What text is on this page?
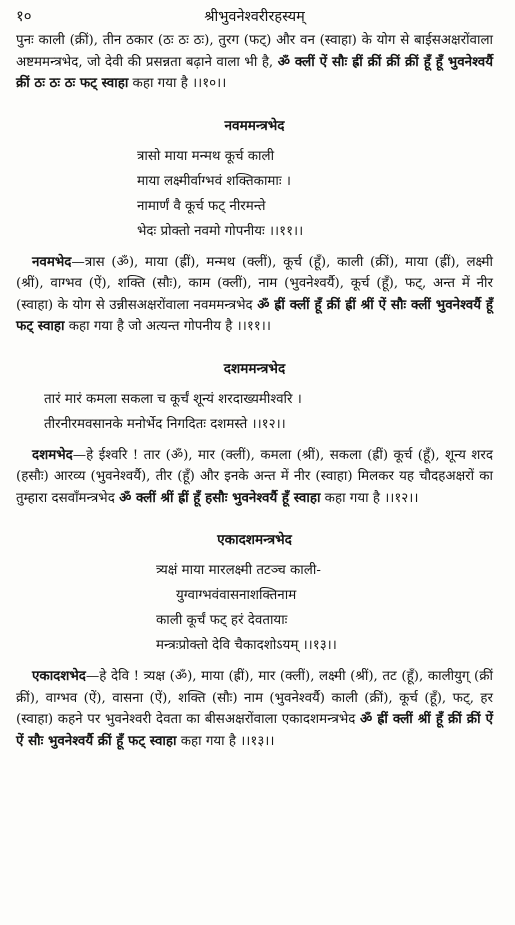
१०	श्रीभुवनेश्वरीरहस्यम्

पुनः काली (क्रीं), तीन ठकार (ठः ठः ठः), तुरग (फट्) और वन (स्वाहा) के योग से बाईसअक्षरोंवाला अष्टममन्त्रभेद, जो देवी की प्रसन्नता बढ़ाने वाला भी है, ॐ क्लीं ऐं सौः ह्रीं क्रीं क्रीं क्रीं हूँ हूँ भुवनेश्वर्यै क्रीं ठः ठः ठः फट् स्वाहा कहा गया है ।।१०।।

नवममन्त्रभेद
त्रासो माया मन्मथ कूर्च काली
माया लक्ष्मीर्वाग्भवं शक्तिकामाः ।
नामार्णं वै कूर्च फट् नीरमन्ते
भेदः प्रोक्तो नवमो गोपनीयः ।।११।।

नवमभेद—त्रास (ॐ), माया (ह्रीं), मन्मथ (क्लीं), कूर्च (हूँ), काली (क्रीं), माया (ह्रीं), लक्ष्मी (श्रीं), वाग्भव (ऐं), शक्ति (सौः), काम (क्लीं), नाम (भुवनेश्वर्यै), कूर्च (हूँ), फट्, अन्त में नीर (स्वाहा) के योग से उन्नीसअक्षरोंवाला नवममन्त्रभेद ॐ ह्रीं क्लीं हूँ क्रीं ह्रीं श्रीं ऐं सौः क्लीं भुवनेश्वर्यै हूँ फट् स्वाहा कहा गया है जो अत्यन्त गोपनीय है ।।११।।

दशममन्त्रभेद
तारं मारं कमला सकला च कूर्चं शून्यं शरदाख्यमीश्वरि ।
तीरनीरमवसानके मनोर्भेद निगदितः दशमस्ते ।।१२।।

दशमभेद—हे ईश्वरि ! तार (ॐ), मार (क्लीं), कमला (श्रीं), सकला (ह्रीं) कूर्च (हूँ), शून्य शरद (हसौः) आरव्य (भुवनेश्वर्यै), तीर (हूँ) और इनके अन्त में नीर (स्वाहा) मिलकर यह चौदहअक्षरों का तुम्हारा दसवाँमन्त्रभेद ॐ क्लीं श्रीं ह्रीं हूँ हसौः भुवनेश्वर्यै हूँ स्वाहा कहा गया है ।।१२।।

एकादशमन्त्रभेद
त्र्यक्षं माया मारलक्ष्मी तटञ्च काली-
युग्वाग्भवंवासनाशक्तिनाम
काली कूर्चं फट् हरं देवतायाः
मन्त्रःप्रोक्तो देवि चैकादशोऽयम् ।।१३।।

एकादशभेद—हे देवि ! त्र्यक्ष (ॐ), माया (ह्रीं), मार (क्लीं), लक्ष्मी (श्रीं), तट (हूँ), कालीयुग् (क्रीं क्रीं), वाग्भव (ऐं), वासना (ऐं), शक्ति (सौः) नाम (भुवनेश्वर्यै) काली (क्रीं), कूर्च (हूँ), फट्, हर (स्वाहा) कहने पर भुवनेश्वरी देवता का बीसअक्षरोंवाला एकादशमन्त्रभेद ॐ ह्रीं क्लीं श्रीं हूँ क्रीं क्रीं ऐं ऐं सौः भुवनेश्वर्यै क्रीं हूँ फट् स्वाहा कहा गया है ।।१३।।
